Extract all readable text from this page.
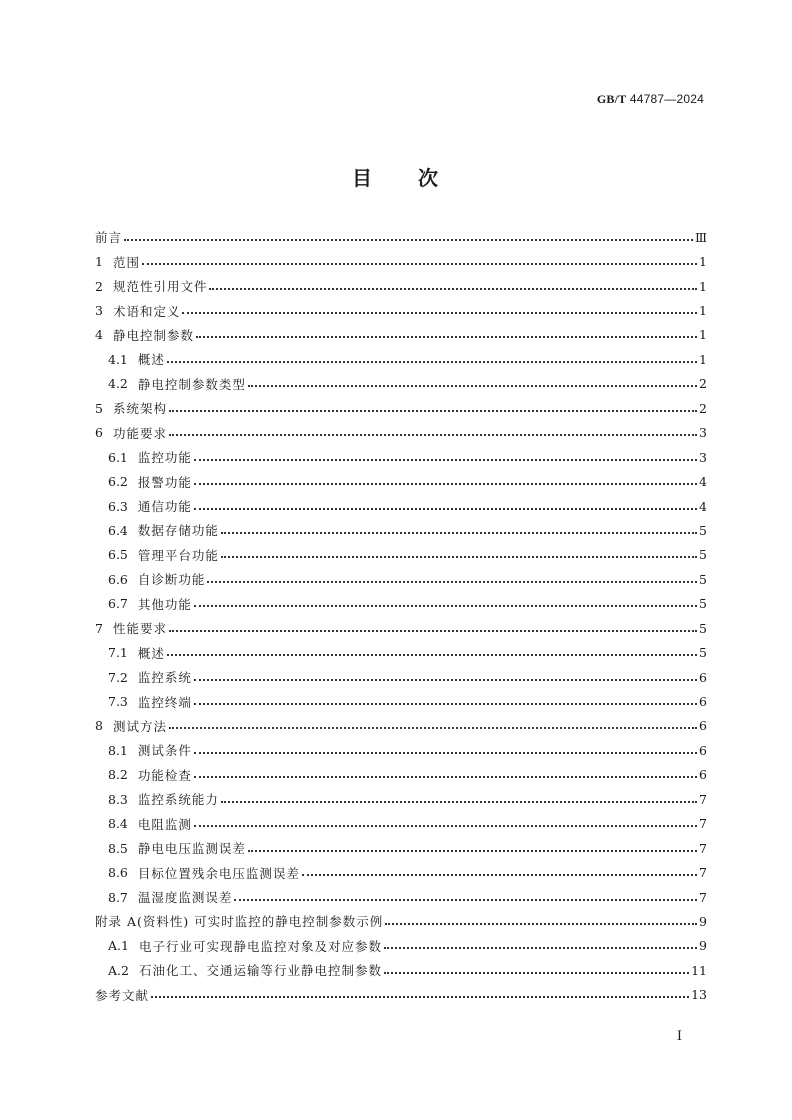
GB/T 44787—2024
目 次
前言	Ⅲ
1 范围	1
2 规范性引用文件	1
3 术语和定义	1
4 静电控制参数	1
4.1 概述	1
4.2 静电控制参数类型	2
5 系统架构	2
6 功能要求	3
6.1 监控功能	3
6.2 报警功能	4
6.3 通信功能	4
6.4 数据存储功能	5
6.5 管理平台功能	5
6.6 自诊断功能	5
6.7 其他功能	5
7 性能要求	5
7.1 概述	5
7.2 监控系统	6
7.3 监控终端	6
8 测试方法	6
8.1 测试条件	6
8.2 功能检查	6
8.3 监控系统能力	7
8.4 电阻监测	7
8.5 静电电压监测误差	7
8.6 目标位置残余电压监测误差	7
8.7 温湿度监测误差	7
附录 A(资料性) 可实时监控的静电控制参数示例	9
A.1 电子行业可实现静电监控对象及对应参数	9
A.2 石油化工、交通运输等行业静电控制参数	11
参考文献	13
Ⅰ
